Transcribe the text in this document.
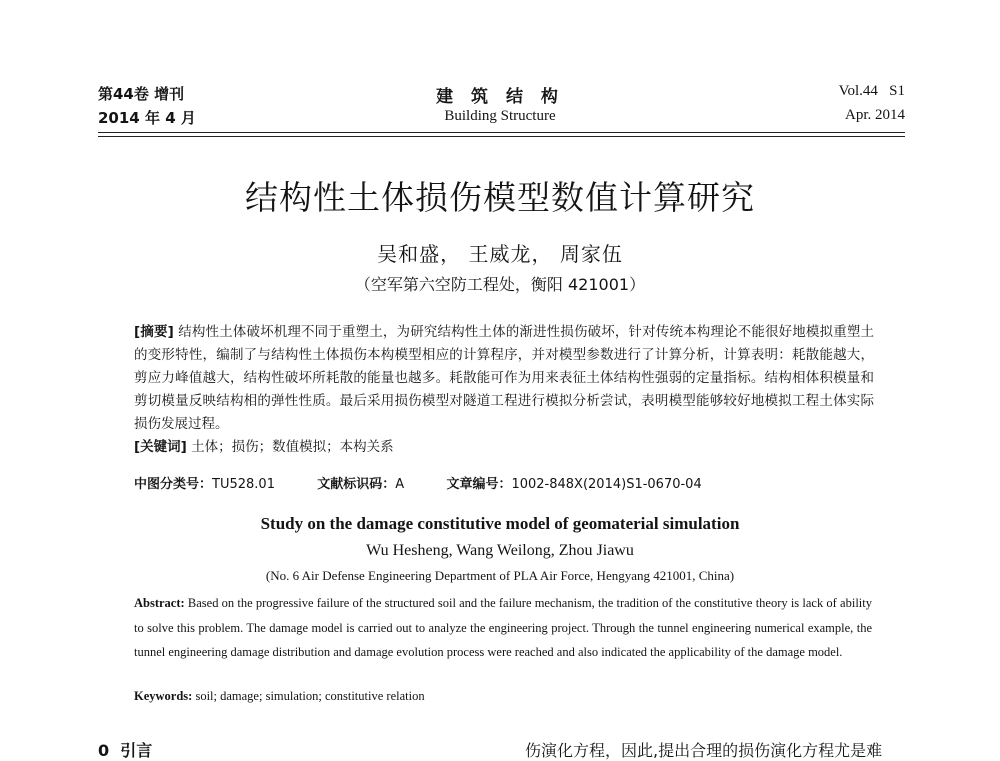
第44卷 增刊
2014 年 4 月
建 筑 结 构
Building Structure
Vol.44   S1
Apr. 2014
结构性土体损伤模型数值计算研究
吴和盛， 王威龙， 周家伍
（空军第六空防工程处，衡阳 421001）
[摘要] 结构性土体破坏机理不同于重塑土，为研究结构性土体的渐进性损伤破坏，针对传统本构理论不能很好地模拟重塑土的变形特性，编制了与结构性土体损伤本构模型相应的计算程序，并对模型参数进行了计算分析，计算表明：耗散能越大，剪应力峰值越大，结构性破坏所耗散的能量也越多。耗散能可作为用来表征土体结构性强弱的定量指标。结构相体积模量和剪切模量反映结构相的弹性性质。最后采用损伤模型对隧道工程进行模拟分析尝试，表明模型能够较好地模拟工程土体实际损伤发展过程。
[关键词] 土体；损伤；数值模拟；本构关系
中图分类号：TU528.01	文献标识码：A	文章编号：1002-848X(2014)S1-0670-04
Study on the damage constitutive model of geomaterial simulation
Wu Hesheng, Wang Weilong, Zhou Jiawu
(No. 6 Air Defense Engineering Department of PLA Air Force, Hengyang 421001, China)
Abstract: Based on the progressive failure of the structured soil and the failure mechanism, the tradition of the constitutive theory is lack of ability to solve this problem. The damage model is carried out to analyze the engineering project. Through the tunnel engineering numerical example, the tunnel engineering damage distribution and damage evolution process were reached and also indicated the applicability of the damage model.
Keywords: soil; damage; simulation; constitutive relation
0  引言	伤演化方程，因此,提出合理的损伤演化方程尤是难
